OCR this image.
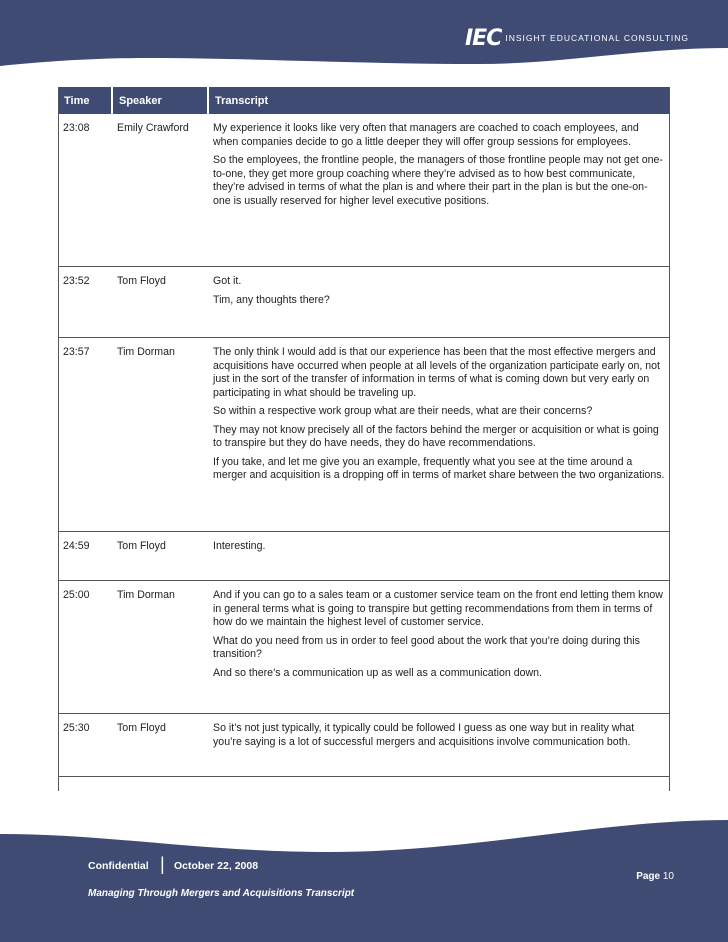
IEC INSIGHT EDUCATIONAL CONSULTING
Time	Speaker	Transcript
23:08	Emily Crawford	My experience it looks like very often that managers are coached to coach employees, and when companies decide to go a little deeper they will offer group sessions for employees.

So the employees, the frontline people, the managers of those frontline people may not get one-to-one, they get more group coaching where they’re advised as to how best communicate, they’re advised in terms of what the plan is and where their part in the plan is but the one-on-one is usually reserved for higher level executive positions.

23:52	Tom Floyd	Got it.

Tim, any thoughts there?

23:57	Tim Dorman	The only think I would add is that our experience has been that the most effective mergers and acquisitions have occurred when people at all levels of the organization participate early on, not just in the sort of the transfer of information in terms of what is coming down but very early on participating in what should be traveling up.

So within a respective work group what are their needs, what are their concerns?

They may not know precisely all of the factors behind the merger or acquisition or what is going to transpire but they do have needs, they do have recommendations.

If you take, and let me give you an example, frequently what you see at the time around a merger and acquisition is a dropping off in terms of market share between the two organizations.

24:59	Tom Floyd	Interesting.

25:00	Tim Dorman	And if you can go to a sales team or a customer service team on the front end letting them know in general terms what is going to transpire but getting recommendations from them in terms of how do we maintain the highest level of customer service.

What do you need from us in order to feel good about the work that you’re doing during this transition?

And so there’s a communication up as well as a communication down.

25:30	Tom Floyd	So it’s not just typically, it typically could be followed I guess as one way but in reality what you’re saying is a lot of successful mergers and acquisitions involve communication both.

Confidential | October 22, 2008
Page 10
Managing Through Mergers and Acquisitions Transcript
